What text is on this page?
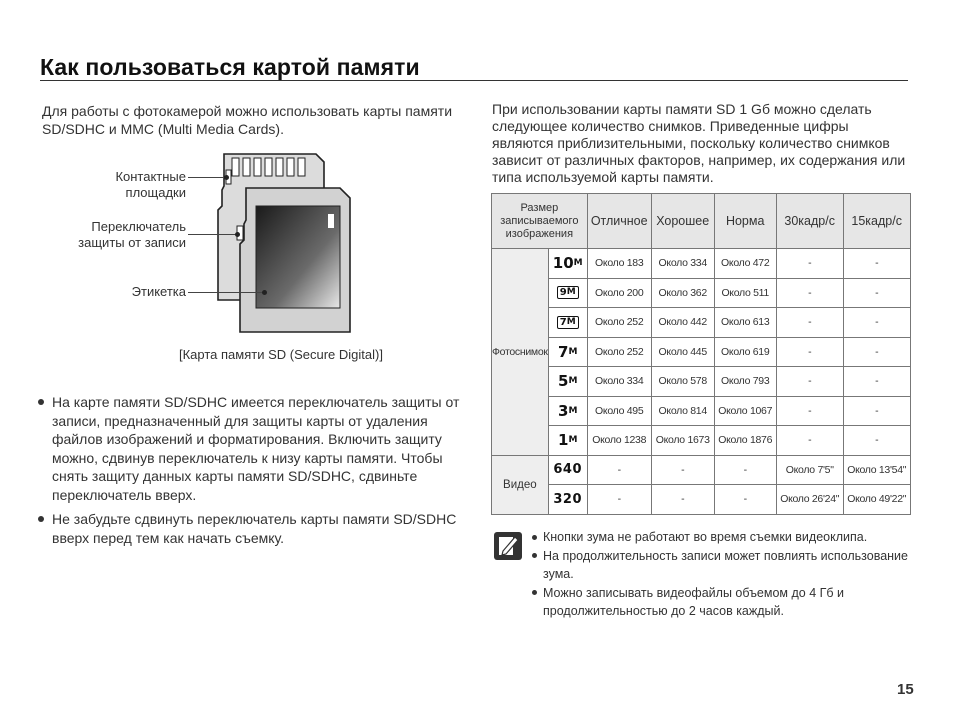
Как пользоваться картой памяти
Для работы с фотокамерой можно использовать карты памяти SD/SDHC и MMC (Multi Media Cards).
Контактные
площадки
Переключатель
защиты от записи
Этикетка
[Карта памяти SD (Secure Digital)]
На карте памяти SD/SDHC имеется переключатель защиты от записи, предназначенный для защиты карты от удаления файлов изображений и форматирования. Включить защиту можно, сдвинув переключатель к низу карты памяти. Чтобы снять защиту данных карты памяти SD/SDHC, сдвиньте переключатель вверх.
Не забудьте сдвинуть переключатель карты памяти SD/SDHC вверх перед тем как начать съемку.
При использовании карты памяти SD 1 Gб можно сделать следующее количество снимков. Приведенные цифры являются приблизительными, поскольку количество снимков зависит от различных факторов, например, их содержания или типа используемой карты памяти.
Размер записываемого изображения		Отличное	Хорошее	Норма	30кадр/с	15кадр/с
Фотоснимок	$10^M$	Около 183	Около 334	Около 472	-	-
	9M	Около 200	Около 362	Около 511	-	-
	7M	Около 252	Около 442	Около 613	-	-
	$7^M$	Около 252	Около 445	Около 619	-	-
	$5^M$	Около 334	Около 578	Около 793	-	-
	$3^M$	Около 495	Около 814	Около 1067	-	-
	$1^M$	Около 1238	Около 1673	Около 1876	-	-
Видео	640	-	-	-	Около 7'5"	Около 13'54"
	320	-	-	-	Около 26'24"	Около 49'22"
Кнопки зума не работают во время съемки видеоклипа.
На продолжительность записи может повлиять использование зума.
Можно записывать видеофайлы объемом до 4 Гб и продолжительностью до 2 часов каждый.
15
